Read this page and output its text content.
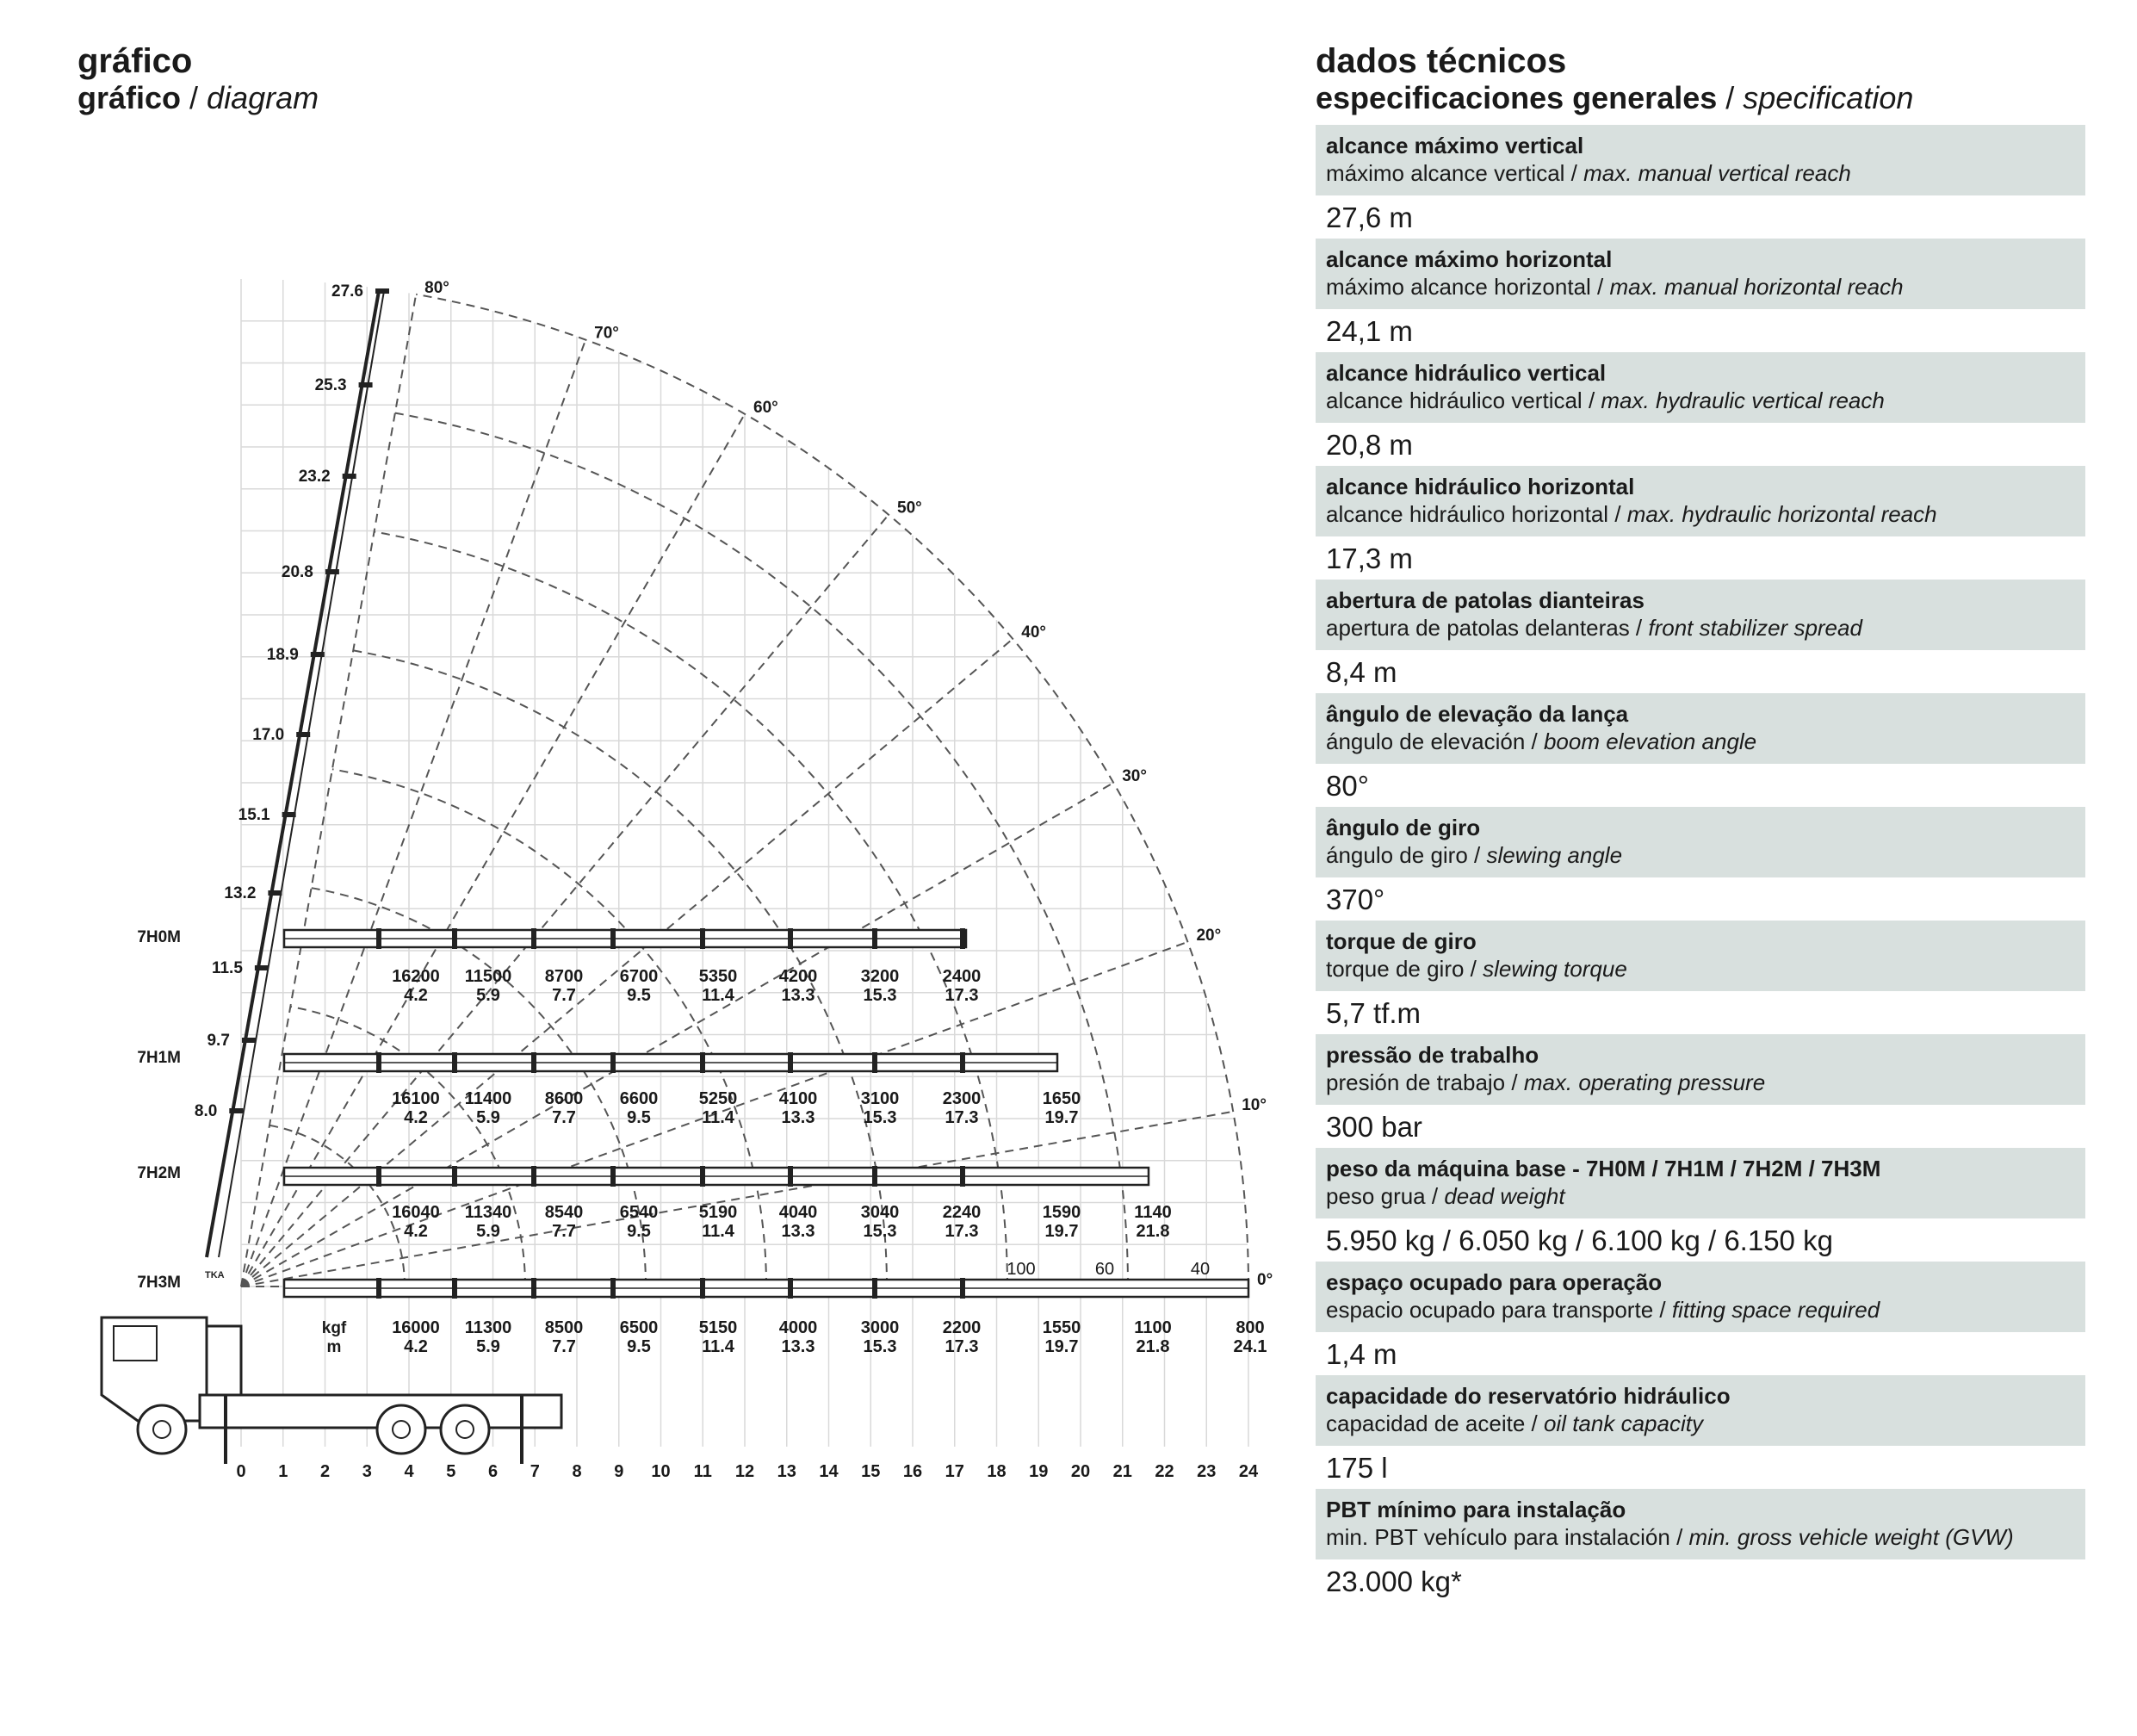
gráfico
gráfico / diagram
TKA
80°
70°
60°
50°
40°
30°
20°
10°
0°
27.6
25.3
23.2
20.8
18.9
17.0
15.1
13.2
11.5
9.7
8.0
7H0M
16200
4.2
11500
5.9
8700
7.7
6700
9.5
5350
11.4
4200
13.3
3200
15.3
2400
17.3
7H1M
16100
4.2
11400
5.9
8600
7.7
6600
9.5
5250
11.4
4100
13.3
3100
15.3
2300
17.3
1650
19.7
7H2M
16040
4.2
11340
5.9
8540
7.7
6540
9.5
5190
11.4
4040
13.3
3040
15.3
2240
17.3
1590
19.7
1140
21.8
7H3M
16000
4.2
11300
5.9
8500
7.7
6500
9.5
5150
11.4
4000
13.3
3000
15.3
2200
17.3
1550
19.7
1100
21.8
800
24.1
kgf
m
100	60	40
0 1 2 3 4 5 6 7 8 9 10 11 12 13 14 15 16 17 18 19 20 21 22 23 24
dados técnicos
especificaciones generales / specification
alcance máximo vertical
máximo alcance vertical / max. manual vertical reach
27,6 m
alcance máximo horizontal
máximo alcance horizontal / max. manual horizontal reach
24,1 m
alcance hidráulico vertical
alcance hidráulico vertical / max. hydraulic vertical reach
20,8 m
alcance hidráulico horizontal
alcance hidráulico horizontal / max. hydraulic horizontal reach
17,3 m
abertura de patolas dianteiras
apertura de patolas delanteras / front stabilizer spread
8,4 m
ângulo de elevação da lança
ángulo de elevación / boom elevation angle
80°
ângulo de giro
ángulo de giro / slewing angle
370°
torque de giro
torque de giro / slewing torque
5,7 tf.m
pressão de trabalho
presión de trabajo / max. operating pressure
300 bar
peso da máquina base - 7H0M / 7H1M / 7H2M / 7H3M
peso grua / dead weight
5.950 kg / 6.050 kg / 6.100 kg / 6.150 kg
espaço ocupado para operação
espacio ocupado para transporte / fitting space required
1,4 m
capacidade do reservatório hidráulico
capacidad de aceite / oil tank capacity
175 l
PBT mínimo para instalação
min. PBT vehículo para instalación / min. gross vehicle weight (GVW)
23.000 kg*
